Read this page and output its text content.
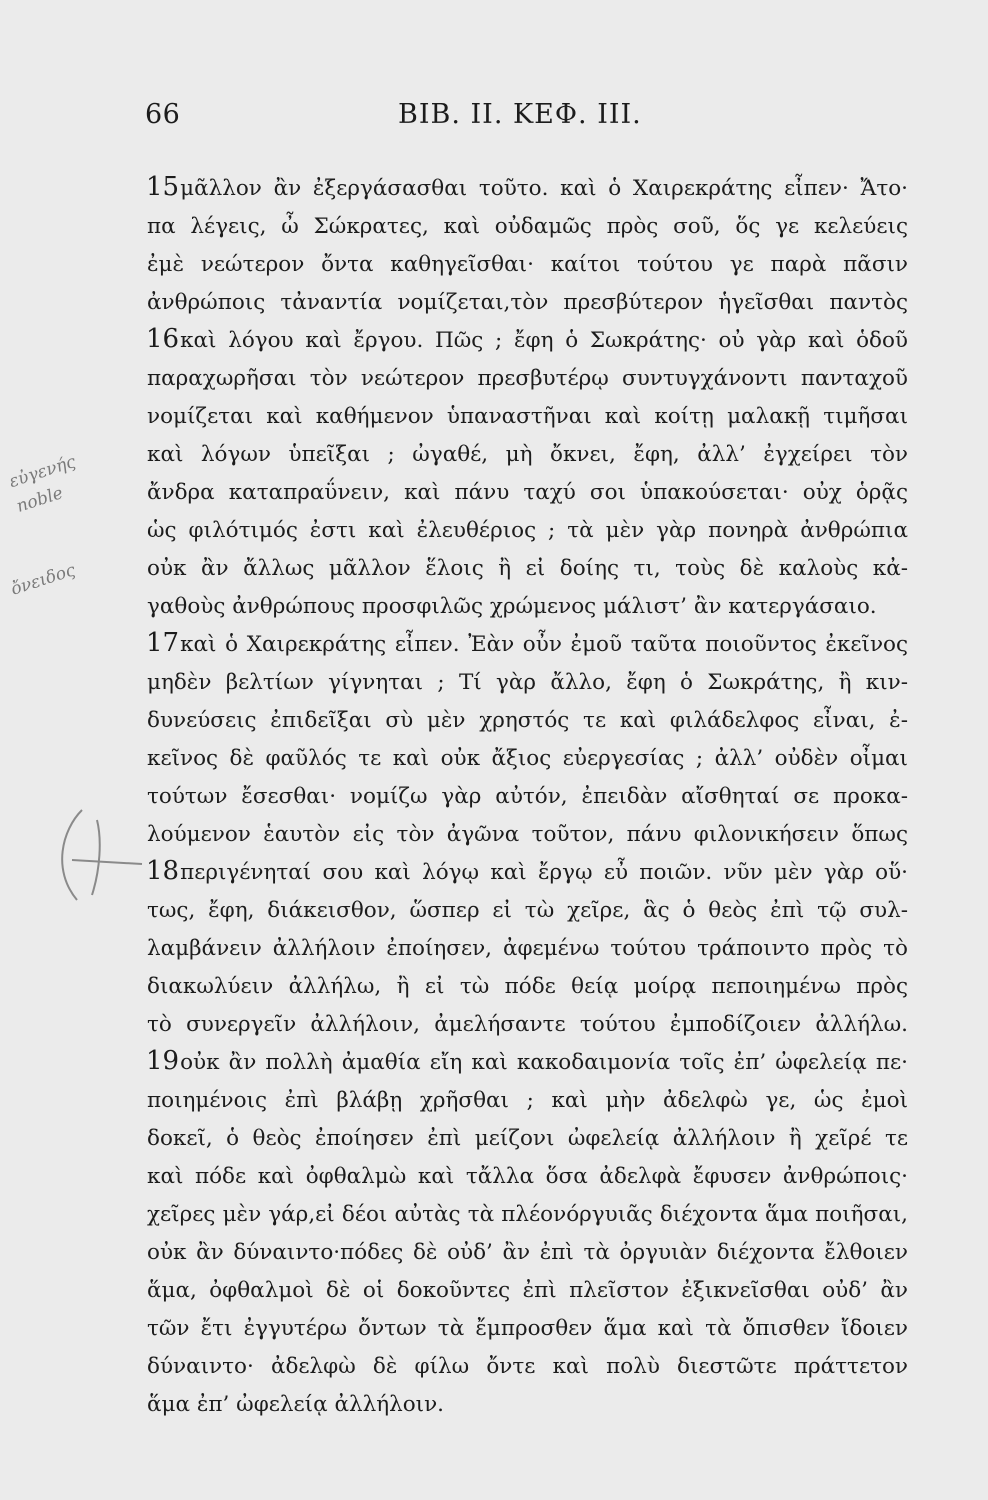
66	ΒΙΒ. ΙΙ. ΚΕΦ. ΙΙΙ.
εὐγενής
noble
ὄνειδος
15μᾶλλον ἂν ἐξεργάσασθαι τοῦτο. καὶ ὁ Χαιρεκράτης εἶπεν· Ἄτο·
πα λέγεις, ὦ Σώκρατες, καὶ οὐδαμῶς πρὸς σοῦ, ὅς γε κελεύεις
ἐμὲ νεώτερον ὄντα καθηγεῖσθαι· καίτοι τούτου γε παρὰ πᾶσιν
ἀνθρώποις τἀναντία νομίζεται,τὸν πρεσβύτερον ἡγεῖσθαι παντὸς
16καὶ λόγου καὶ ἔργου. Πῶς ; ἔφη ὁ Σωκράτης· οὐ γὰρ καὶ ὁδοῦ
παραχωρῆσαι τὸν νεώτερον πρεσβυτέρῳ συντυγχάνοντι πανταχοῦ
νομίζεται καὶ καθήμενον ὑπαναστῆναι καὶ κοίτῃ μαλακῇ τιμῆσαι
καὶ λόγων ὑπεῖξαι ; ὠγαθέ, μὴ ὄκνει, ἔφη, ἀλλ’ ἐγχείρει τὸν
ἄνδρα καταπραΰνειν, καὶ πάνυ ταχύ σοι ὑπακούσεται· οὐχ ὁρᾷς
ὡς φιλότιμός ἐστι καὶ ἐλευθέριος ; τὰ μὲν γὰρ πονηρὰ ἀνθρώπια
οὐκ ἂν ἄλλως μᾶλλον ἕλοις ἢ εἰ δοίης τι, τοὺς δὲ καλοὺς κἀ-
γαθοὺς ἀνθρώπους προσφιλῶς χρώμενος μάλιστ’ ἂν κατεργάσαιο.
17καὶ ὁ Χαιρεκράτης εἶπεν. Ἐὰν οὖν ἐμοῦ ταῦτα ποιοῦντος ἐκεῖνος
μηδὲν βελτίων γίγνηται ; Τί γὰρ ἄλλο, ἔφη ὁ Σωκράτης, ἢ κιν-
δυνεύσεις ἐπιδεῖξαι σὺ μὲν χρηστός τε καὶ φιλάδελφος εἶναι, ἐ-
κεῖνος δὲ φαῦλός τε καὶ οὐκ ἄξιος εὐεργεσίας ; ἀλλ’ οὐδὲν οἶμαι
τούτων ἔσεσθαι· νομίζω γὰρ αὐτόν, ἐπειδὰν αἴσθηταί σε προκα-
λούμενον ἑαυτὸν εἰς τὸν ἀγῶνα τοῦτον, πάνυ φιλονικήσειν ὅπως
18περιγένηταί σου καὶ λόγῳ καὶ ἔργῳ εὖ ποιῶν. νῦν μὲν γὰρ οὕ·
τως, ἔφη, διάκεισθον, ὥσπερ εἰ τὼ χεῖρε, ἃς ὁ θεὸς ἐπὶ τῷ συλ-
λαμβάνειν ἀλλήλοιν ἐποίησεν, ἀφεμένω τούτου τράποιντο πρὸς τὸ
διακωλύειν ἀλλήλω, ἢ εἰ τὼ πόδε θείᾳ μοίρᾳ πεποιημένω πρὸς
τὸ συνεργεῖν ἀλλήλοιν, ἀμελήσαντε τούτου ἐμποδίζοιεν ἀλλήλω.
19οὐκ ἂν πολλὴ ἀμαθία εἴη καὶ κακοδαιμονία τοῖς ἐπ’ ὠφελείᾳ πε·
ποιημένοις ἐπὶ βλάβῃ χρῆσθαι ; καὶ μὴν ἀδελφὼ γε, ὡς ἐμοὶ
δοκεῖ, ὁ θεὸς ἐποίησεν ἐπὶ μείζονι ὠφελείᾳ ἀλλήλοιν ἢ χεῖρέ τε
καὶ πόδε καὶ ὀφθαλμὼ καὶ τἄλλα ὅσα ἀδελφὰ ἔφυσεν ἀνθρώποις·
χεῖρες μὲν γάρ,εἰ δέοι αὐτὰς τὰ πλέονόργυιᾶς διέχοντα ἅμα ποιῆσαι,
οὐκ ἂν δύναιντο·πόδες δὲ οὐδ’ ἂν ἐπὶ τὰ ὀργυιὰν διέχοντα ἔλθοιεν
ἅμα, ὀφθαλμοὶ δὲ οἱ δοκοῦντες ἐπὶ πλεῖστον ἐξικνεῖσθαι οὐδ’ ἂν
τῶν ἔτι ἐγγυτέρω ὄντων τὰ ἔμπροσθεν ἅμα καὶ τὰ ὄπισθεν ἴδοιεν
δύναιντο· ἀδελφὼ δὲ φίλω ὄντε καὶ πολὺ διεστῶτε πράττετον
ἅμα ἐπ’ ὠφελείᾳ ἀλλήλοιν.
